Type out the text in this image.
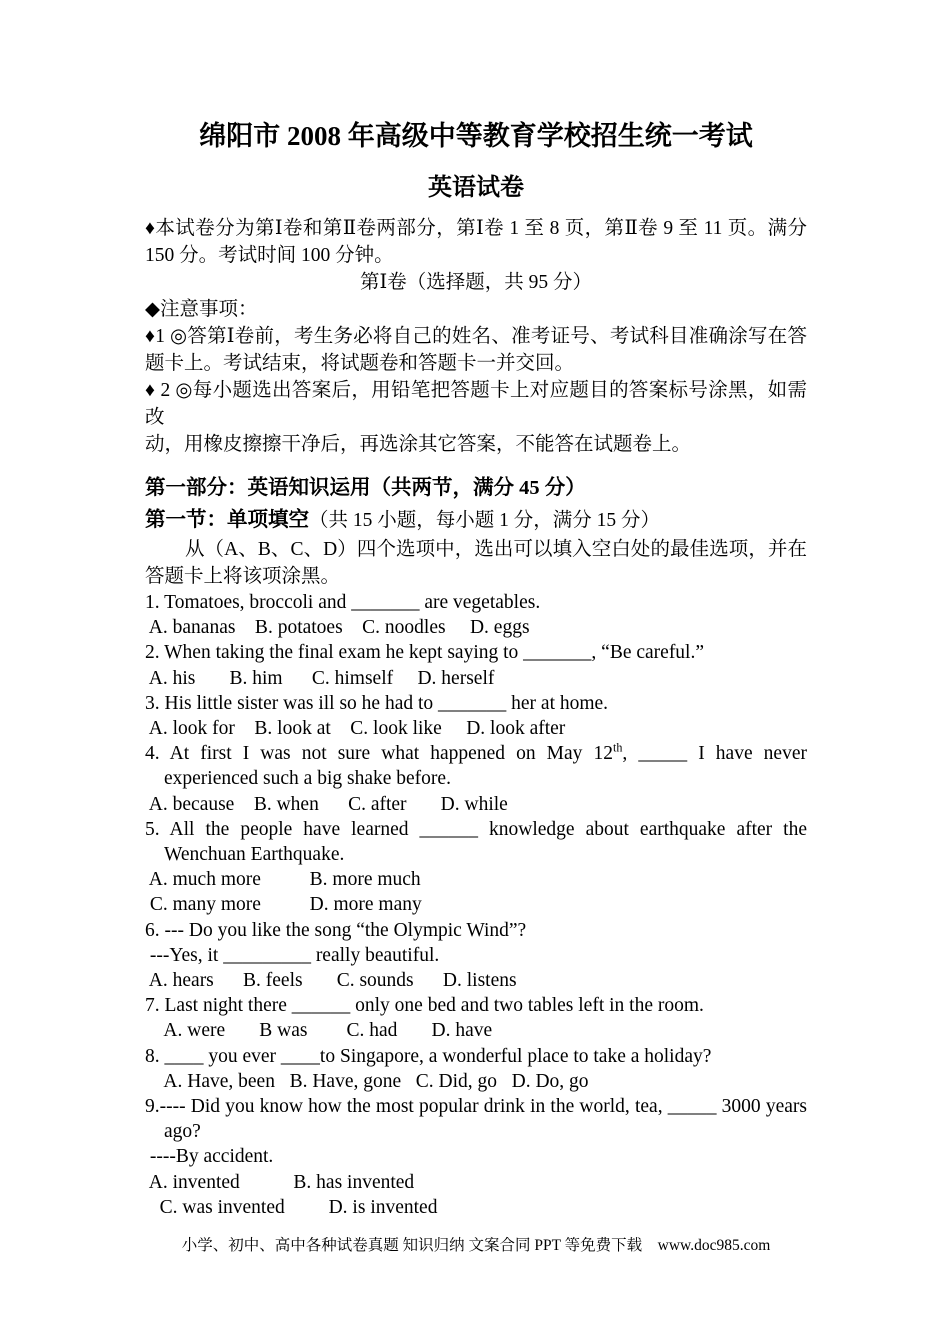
绵阳市 2008 年高级中等教育学校招生统一考试
英语试卷
♦本试卷分为第Ⅰ卷和第Ⅱ卷两部分，第Ⅰ卷 1 至 8 页，第Ⅱ卷 9 至 11 页。满分
150 分。考试时间 100 分钟。
第Ⅰ卷（选择题，共 95 分）
◆注意事项：
♦1 ◎答第Ⅰ卷前，考生务必将自己的姓名、准考证号、考试科目准确涂写在答
题卡上。考试结束，将试题卷和答题卡一并交回。
♦ 2 ◎每小题选出答案后，用铅笔把答题卡上对应题目的答案标号涂黑，如需改
动，用橡皮擦擦干净后，再选涂其它答案，不能答在试题卷上。
第一部分：英语知识运用（共两节，满分 45 分）
第一节：单项填空（共 15 小题，每小题 1 分，满分 15 分）
从（A、B、C、D）四个选项中，选出可以填入空白处的最佳选项，并在
答题卡上将该项涂黑。
1. Tomatoes, broccoli and _______ are vegetables.
A. bananas    B. potatoes    C. noodles     D. eggs
2. When taking the final exam he kept saying to _______, “Be careful.”
A. his       B. him      C. himself     D. herself
3. His little sister was ill so he had to _______ her at home.
A. look for    B. look at    C. look like     D. look after
4. At first I was not sure what happened on May 12th, _____ I have never
experienced such a big shake before.
A. because    B. when      C. after       D. while
5. All the people have learned ______ knowledge about earthquake after the
Wenchuan Earthquake.
A. much more          B. more much
C. many more          D. more many
6. --- Do you like the song “the Olympic Wind”?
---Yes, it _________ really beautiful.
A. hears      B. feels       C. sounds      D. listens
7. Last night there ______ only one bed and two tables left in the room.
A. were       B was        C. had       D. have
8. ____ you ever ____to Singapore, a wonderful place to take a holiday?
A. Have, been   B. Have, gone   C. Did, go   D. Do, go
9.---- Did you know how the most popular drink in the world, tea, _____ 3000 years
ago?
----By accident.
A. invented           B. has invented
C. was invented         D. is invented
小学、初中、高中各种试卷真题 知识归纳 文案合同 PPT 等免费下载　www.doc985.com
